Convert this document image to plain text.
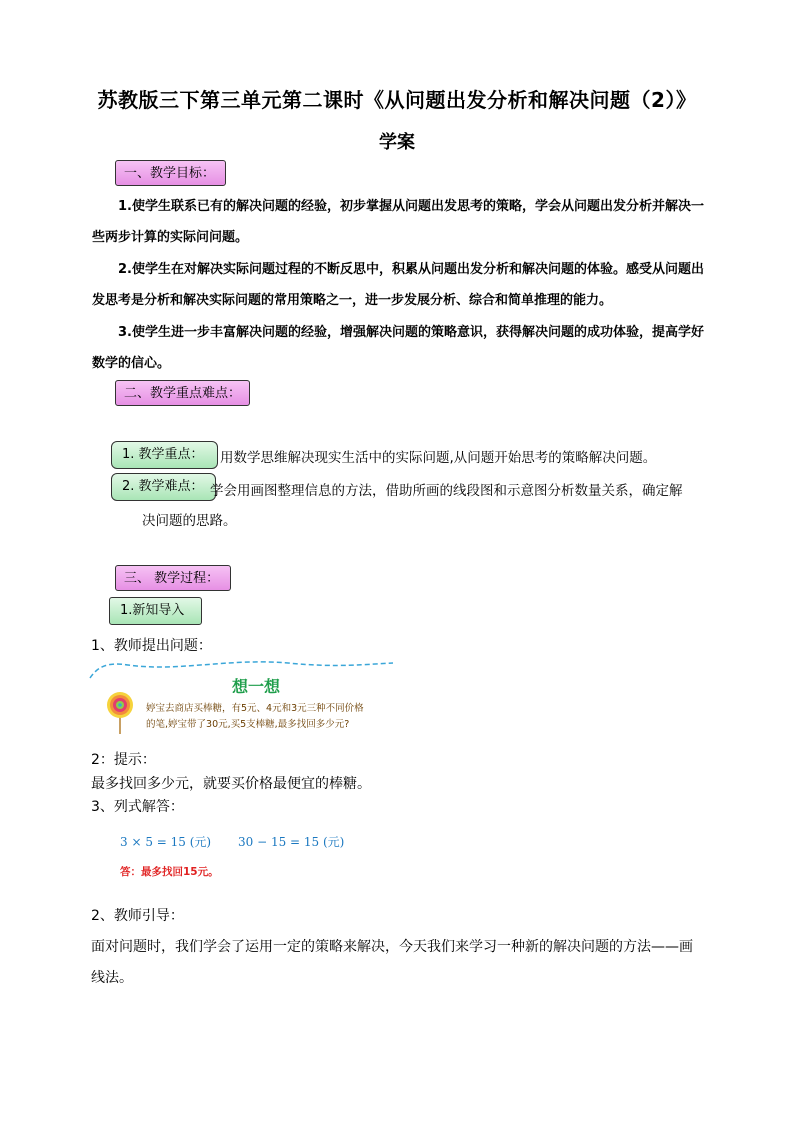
苏教版三下第三单元第二课时《从问题出发分析和解决问题（2）》
学案
一、教学目标：
1.使学生联系已有的解决问题的经验，初步掌握从问题出发思考的策略，学会从问题出发分析并解决一些两步计算的实际问问题。
2.使学生在对解决实际问题过程的不断反思中，积累从问题出发分析和解决问题的体验。感受从问题出发思考是分析和解决实际问题的常用策略之一，进一步发展分析、综合和简单推理的能力。
3.使学生进一步丰富解决问题的经验，增强解决问题的策略意识，获得解决问题的成功体验，提高学好数学的信心。
二、教学重点难点：
1. 教学重点：	用数学思维解决现实生活中的实际问题,从问题开始思考的策略解决问题。
2. 教学难点： 学会用画图整理信息的方法，借助所画的线段图和示意图分析数量关系，确定解
决问题的思路。
三、 教学过程：
1.新知导入
1、教师提出问题：
想一想
婷宝去商店买棒糖，有5元、4元和3元三种不同价格
的笔,婷宝带了30元,买5支棒糖,最多找回多少元?
2：提示：
最多找回多少元，就要买价格最便宜的棒糖。
3、列式解答：
3 × 5 = 15 (元) 30 − 15 = 15 (元)
答：最多找回15元。
2、教师引导：
面对问题时，我们学会了运用一定的策略来解决，今天我们来学习一种新的解决问题的方法——画
线法。
